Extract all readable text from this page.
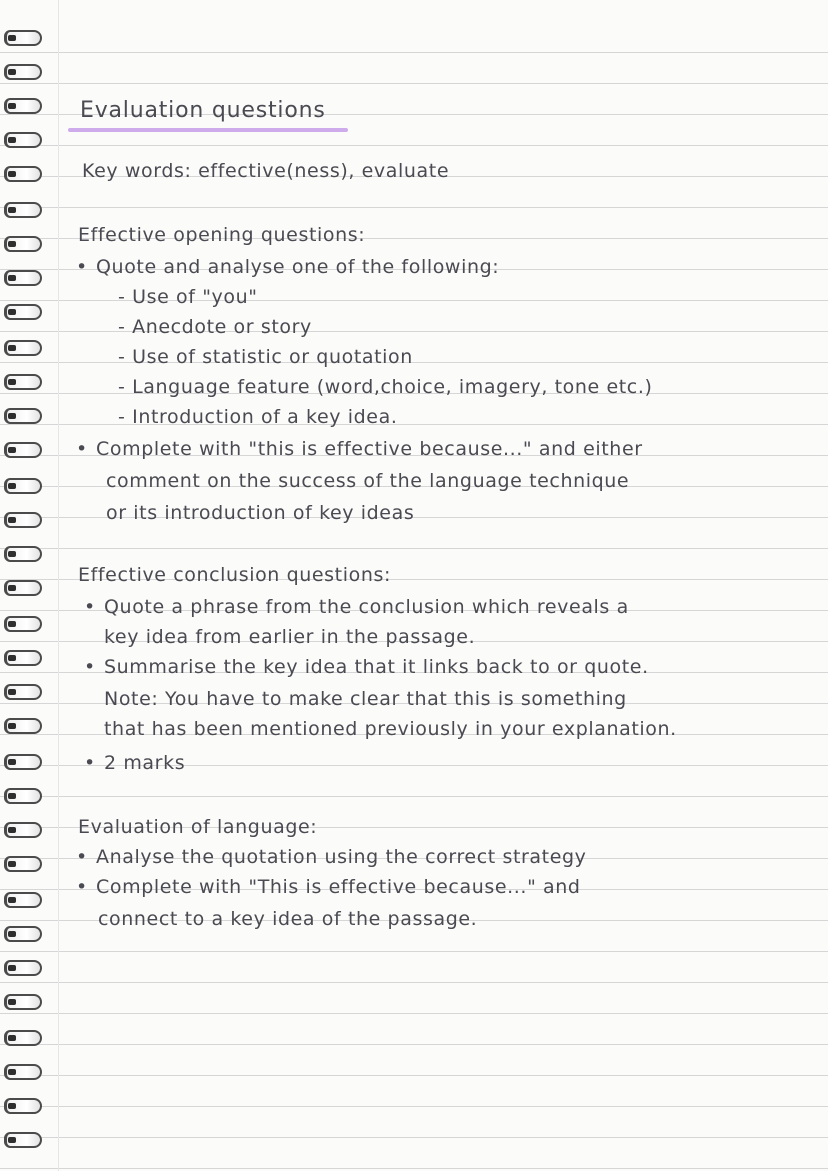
Evaluation questions
Key words: effective(ness), evaluate
Effective opening questions:
• Quote and analyse one of the following:
- Use of "you"
- Anecdote or story
- Use of statistic or quotation
- Language feature (word,choice, imagery, tone etc.)
- Introduction of a key idea.
• Complete with "this is effective because..." and either
comment on the success of the language technique
or its introduction of key ideas
Effective conclusion questions:
• Quote a phrase from the conclusion which reveals a
key idea from earlier in the passage.
• Summarise the key idea that it links back to or quote.
Note: You have to make clear that this is something
that has been mentioned previously in your explanation.
• 2 marks
Evaluation of language:
• Analyse the quotation using the correct strategy
• Complete with "This is effective because..." and
connect to a key idea of the passage.
